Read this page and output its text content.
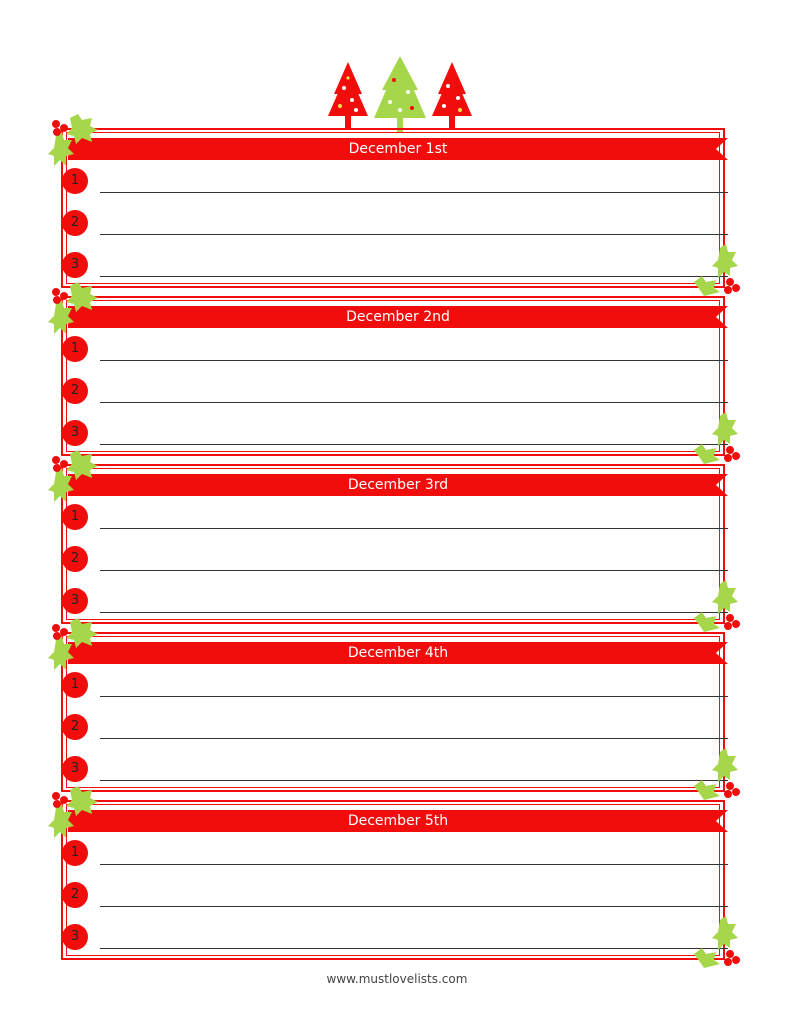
December 1st
1
2
3
December 2nd
1
2
3
December 3rd
1
2
3
December 4th
1
2
3
December 5th
1
2
3
www.mustlovelists.com
